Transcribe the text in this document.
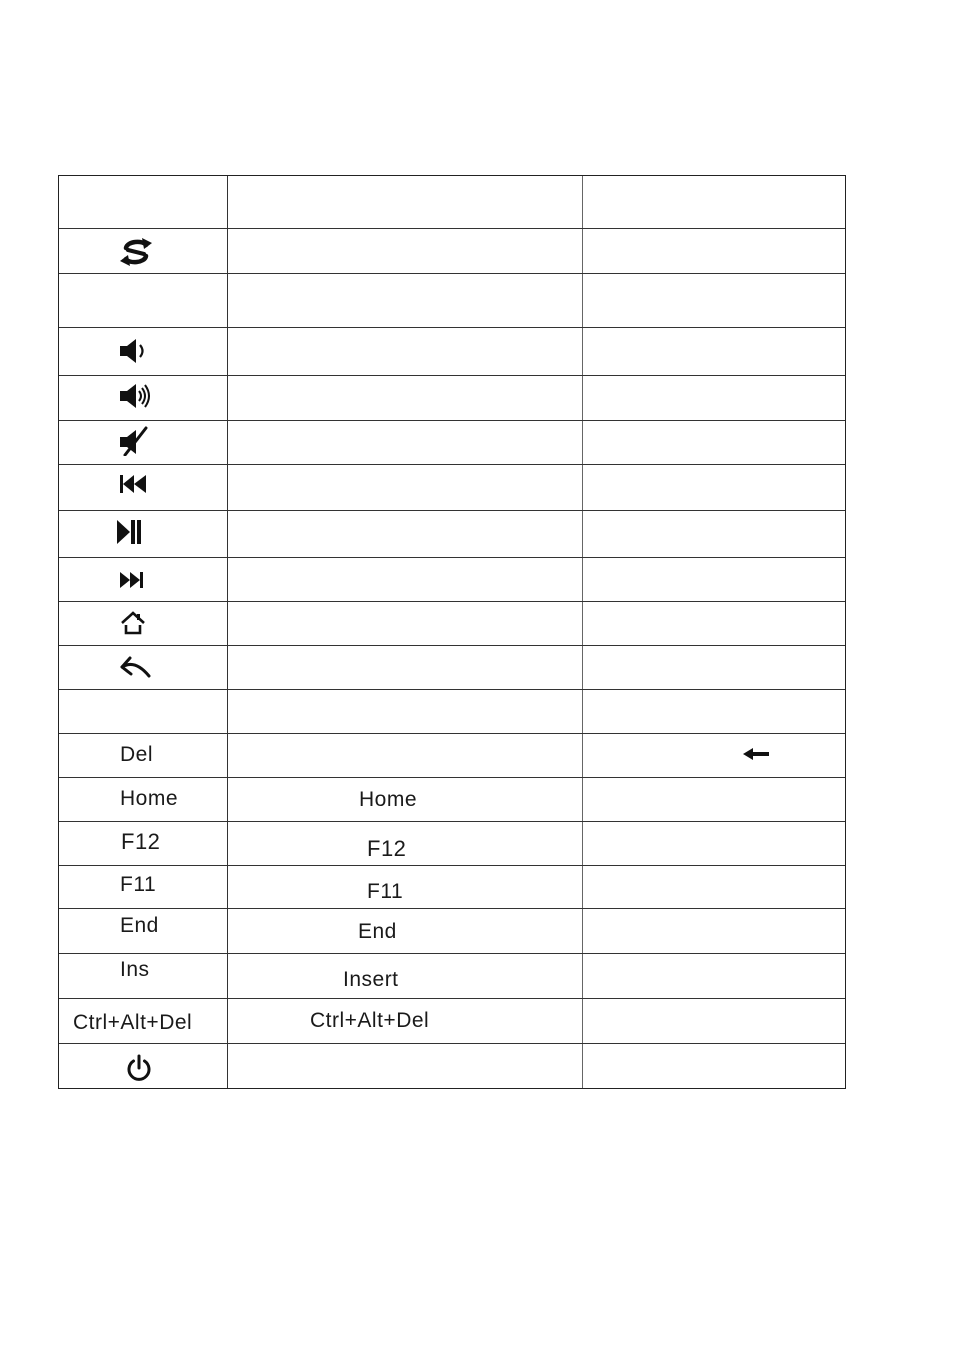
Del
Home	Home
F12	F12
F11	F11
End	End
Ins	Insert
Ctrl+Alt+Del	Ctrl+Alt+Del
